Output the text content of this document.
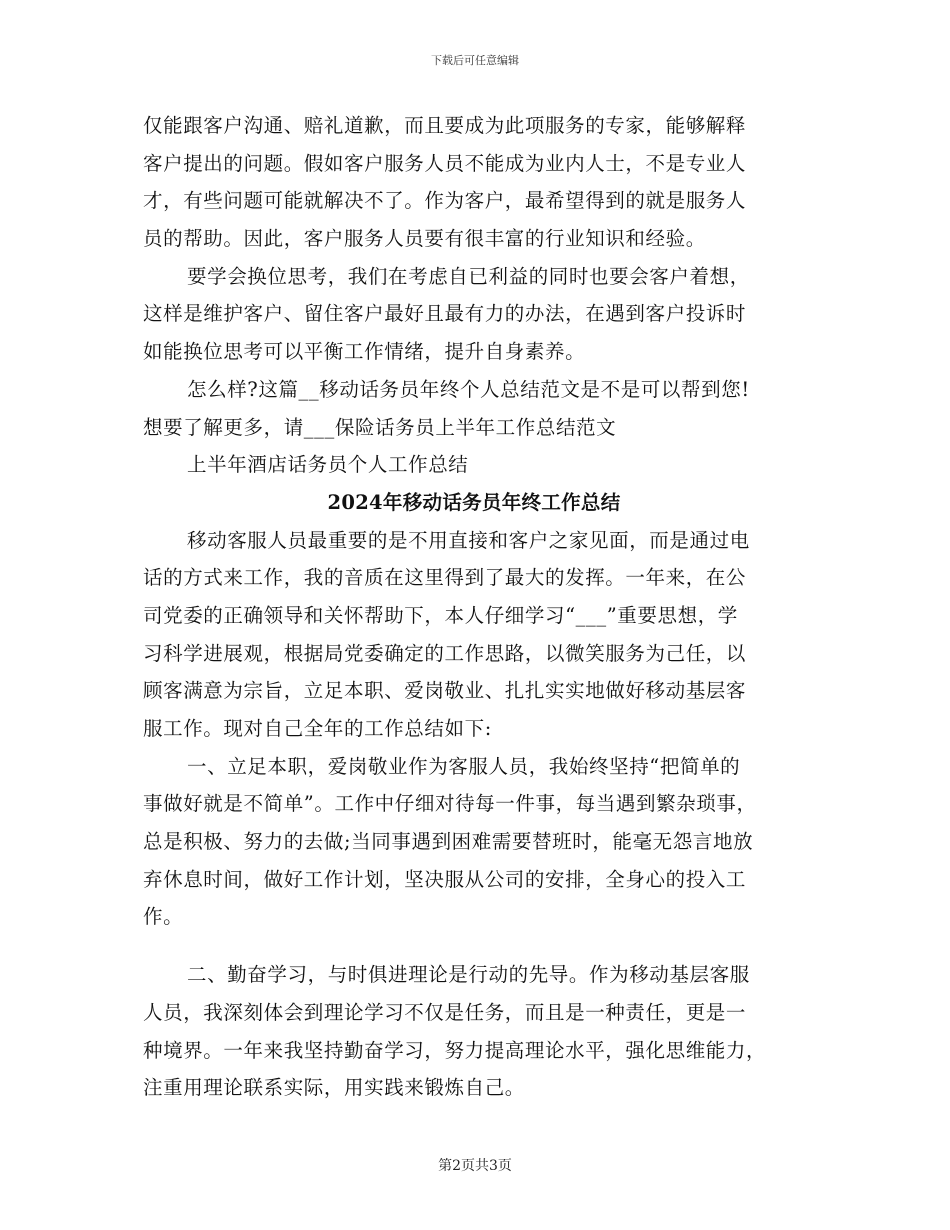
下载后可任意编辑
仅能跟客户沟通、赔礼道歉，而且要成为此项服务的专家，能够解释
客户提出的问题。假如客户服务人员不能成为业内人士，不是专业人
才，有些问题可能就解决不了。作为客户，最希望得到的就是服务人
员的帮助。因此，客户服务人员要有很丰富的行业知识和经验。
要学会换位思考，我们在考虑自已利益的同时也要会客户着想，
这样是维护客户、留住客户最好且最有力的办法，在遇到客户投诉时
如能换位思考可以平衡工作情绪，提升自身素养。
怎么样?这篇__移动话务员年终个人总结范文是不是可以帮到您!
想要了解更多，请___保险话务员上半年工作总结范文
上半年酒店话务员个人工作总结
2024年移动话务员年终工作总结
移动客服人员最重要的是不用直接和客户之家见面，而是通过电
话的方式来工作，我的音质在这里得到了最大的发挥。一年来，在公
司党委的正确领导和关怀帮助下，本人仔细学习“___”重要思想，学
习科学进展观，根据局党委确定的工作思路，以微笑服务为己任，以
顾客满意为宗旨，立足本职、爱岗敬业、扎扎实实地做好移动基层客
服工作。现对自己全年的工作总结如下:
一、立足本职，爱岗敬业作为客服人员，我始终坚持“把简单的
事做好就是不简单”。工作中仔细对待每一件事，每当遇到繁杂琐事，
总是积极、努力的去做;当同事遇到困难需要替班时，能毫无怨言地放
弃休息时间，做好工作计划，坚决服从公司的安排，全身心的投入工
作。
二、勤奋学习，与时俱进理论是行动的先导。作为移动基层客服
人员，我深刻体会到理论学习不仅是任务，而且是一种责任，更是一
种境界。一年来我坚持勤奋学习，努力提高理论水平，强化思维能力，
注重用理论联系实际，用实践来锻炼自己。
第2页共3页
